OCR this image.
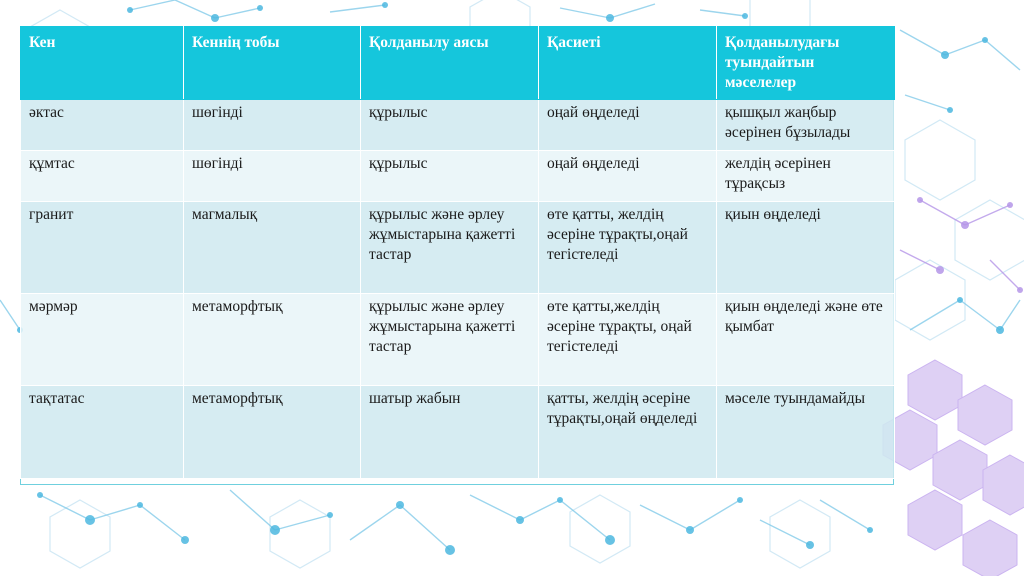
Кен	Кеннің тобы	Қолданылу аясы	Қасиеті	Қолданылудағы туындайтын мәселелер
әктас	шөгінді	құрылыс	оңай өңделеді	қышқыл жаңбыр әсерінен бұзылады
құмтас	шөгінді	құрылыс	оңай өңделеді	желдің әсерінен тұрақсыз
гранит	магмалық	құрылыс және әрлеу жұмыстарына қажетті тастар	өте қатты, желдің әсеріне тұрақты,оңай тегістеледі	қиын өңделеді
мәрмәр	метаморфтық	құрылыс және әрлеу жұмыстарына қажетті тастар	өте қатты,желдің әсеріне тұрақты, оңай тегістеледі	қиын өңделеді және өте қымбат
тақтатас	метаморфтық	шатыр жабын	қатты, желдің әсеріне тұрақты,оңай өңделеді	мәселе туындамайды
